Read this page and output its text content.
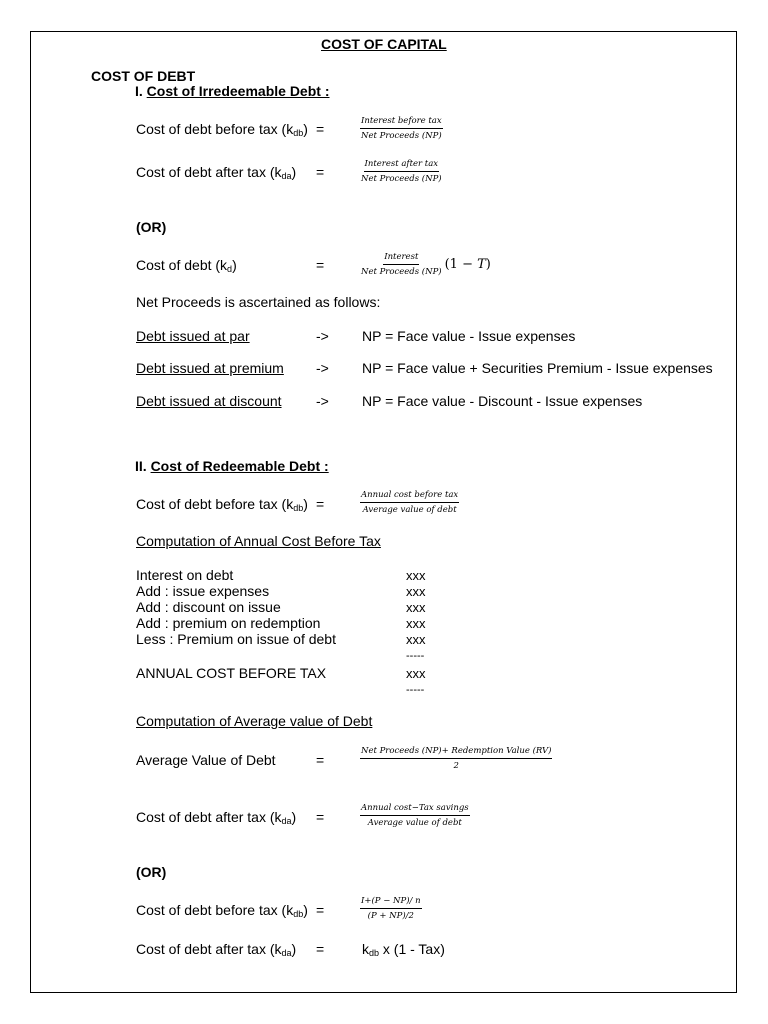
COST OF CAPITAL
COST OF DEBT
I. Cost of Irredeemable Debt :
Cost of debt before tax $(k_{db})$ =	$\frac{\text{Interest before tax}}{\text{Net Proceeds (NP)}}$
Cost of debt after tax $(k_{da})$ =	$\frac{\text{Interest after tax}}{\text{Net Proceeds (NP)}}$
(OR)
Cost of debt $(k_d)$	=	$\frac{\text{Interest}}{\text{Net Proceeds (NP)}} (1 - T)$
Net Proceeds is ascertained as follows:
Debt issued at par	-> NP = Face value - Issue expenses
Debt issued at premium -> NP = Face value + Securities Premium - Issue expenses
Debt issued at discount -> NP = Face value - Discount - Issue expenses
II. Cost of Redeemable Debt :
Cost of debt before tax $(k_{db})$ =	$\frac{\text{Annual cost before tax}}{\text{Average value of debt}}$
Computation of Annual Cost Before Tax
Interest on debt	xxx
Add : issue expenses	xxx
Add : discount on issue	xxx
Add : premium on redemption	xxx
Less : Premium on issue of debt	xxx
-----
ANNUAL COST BEFORE TAX	xxx
-----
Computation of Average value of Debt
Average Value of Debt	=	$\frac{\text{Net Proceeds (NP)+ Redemption Value (RV)}}{2}$
Cost of debt after tax $(k_{da})$ =	$\frac{\text{Annual cost−Tax savings}}{\text{Average value of debt}}$
(OR)
Cost of debt before tax $(k_{db})$ =	$\frac{I+(P - NP)/ n}{(P + NP)/2}$
Cost of debt after tax $(k_{da})$ =	$k_{db}$ x (1 - Tax)
